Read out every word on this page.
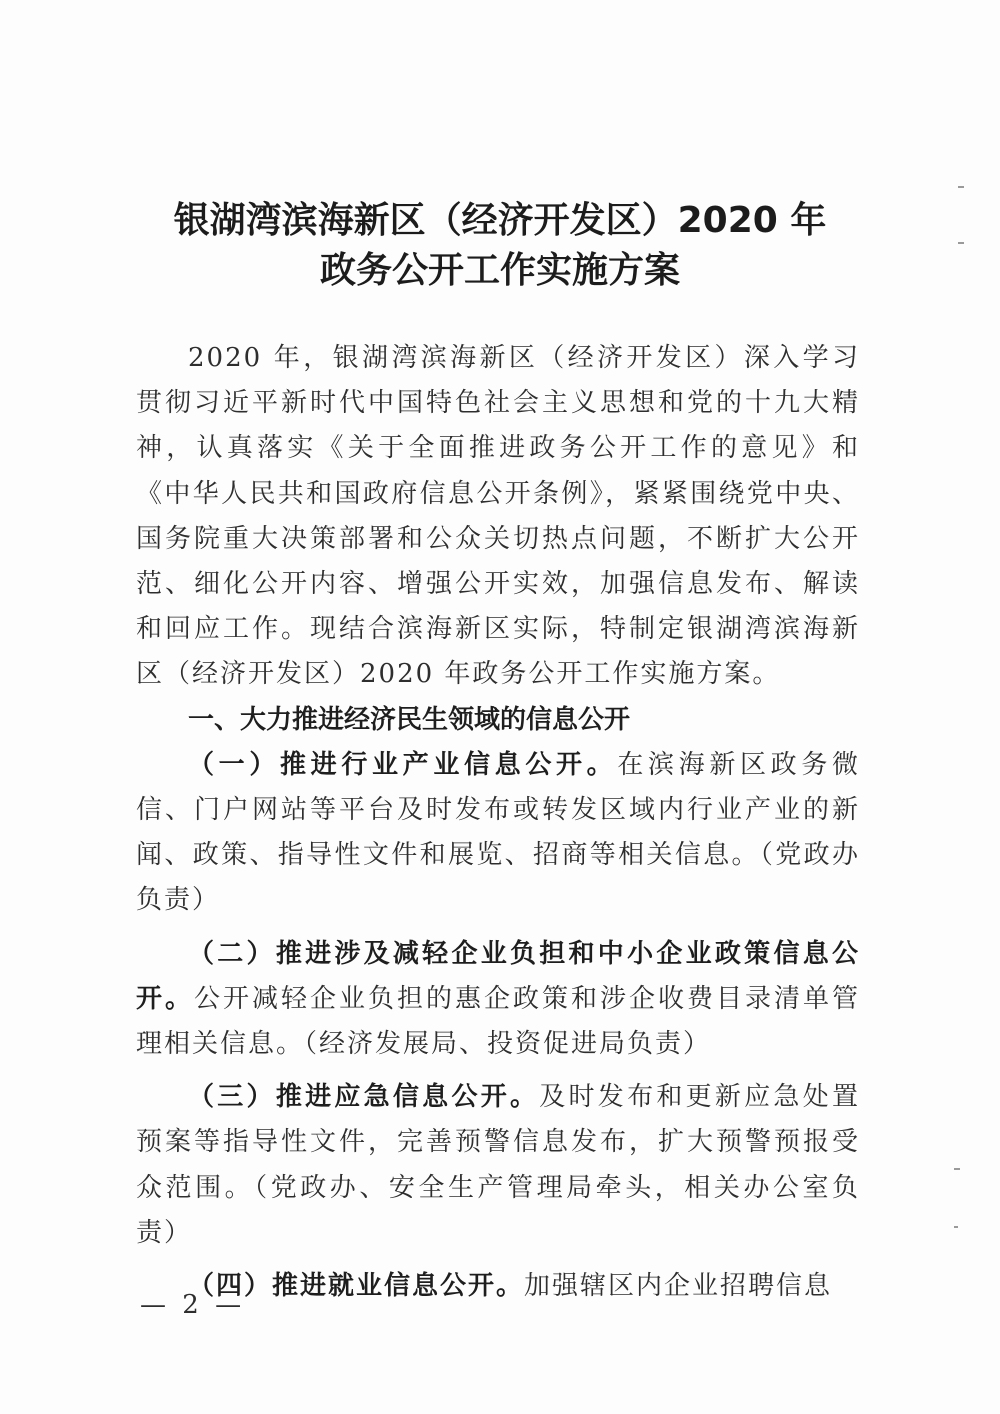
银湖湾滨海新区（经济开发区）2020 年
政务公开工作实施方案

2020 年，银湖湾滨海新区（经济开发区）深入学习贯彻习近平新时代中国特色社会主义思想和党的十九大精神，认真落实《关于全面推进政务公开工作的意见》和《中华人民共和国政府信息公开条例》，紧紧围绕党中央、国务院重大决策部署和公众关切热点问题，不断扩大公开范、细化公开内容、增强公开实效，加强信息发布、解读和回应工作。现结合滨海新区实际，特制定银湖湾滨海新区（经济开发区）2020 年政务公开工作实施方案。

一、大力推进经济民生领域的信息公开

（一）推进行业产业信息公开。在滨海新区政务微信、门户网站等平台及时发布或转发区域内行业产业的新闻、政策、指导性文件和展览、招商等相关信息。（党政办负责）

（二）推进涉及减轻企业负担和中小企业政策信息公开。公开减轻企业负担的惠企政策和涉企收费目录清单管理相关信息。（经济发展局、投资促进局负责）

（三）推进应急信息公开。及时发布和更新应急处置预案等指导性文件，完善预警信息发布，扩大预警预报受众范围。（党政办、安全生产管理局牵头，相关办公室负责）

（四）推进就业信息公开。加强辖区内企业招聘信息

— 2 —
